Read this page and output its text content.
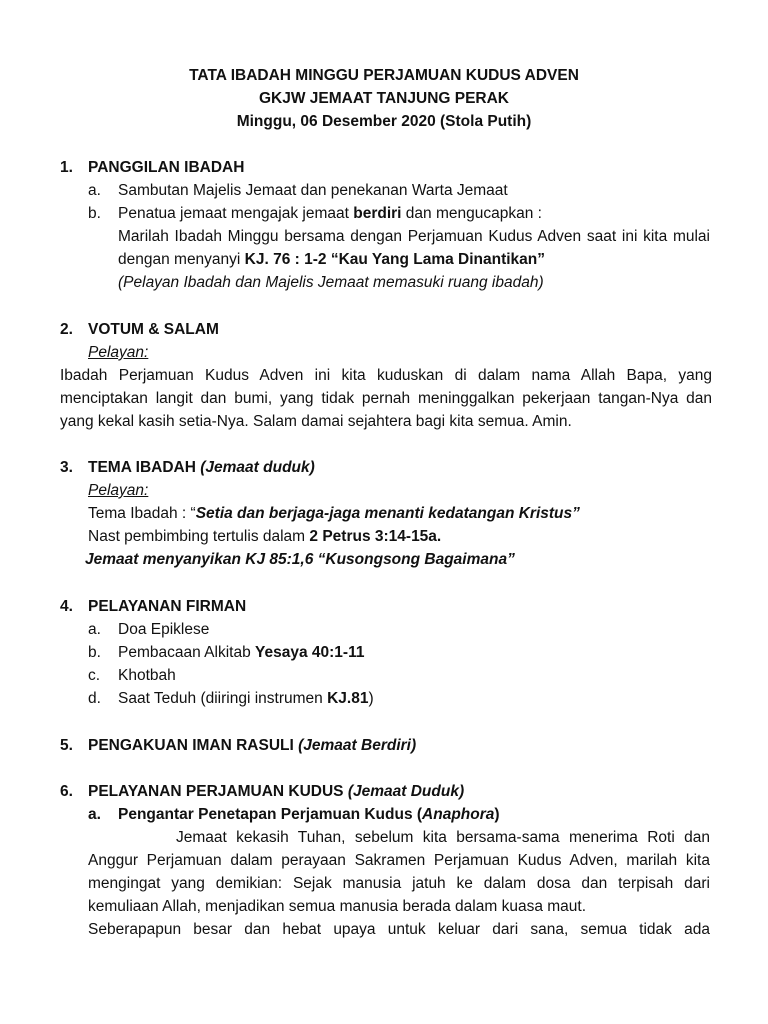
TATA IBADAH MINGGU PERJAMUAN KUDUS ADVEN
GKJW JEMAAT TANJUNG PERAK
Minggu, 06 Desember 2020 (Stola Putih)
1. PANGGILAN IBADAH
a. Sambutan Majelis Jemaat dan penekanan Warta Jemaat
b. Penatua jemaat mengajak jemaat berdiri dan mengucapkan :
Marilah Ibadah Minggu bersama dengan Perjamuan Kudus Adven saat ini kita mulai dengan menyanyi KJ. 76 : 1-2 “Kau Yang Lama Dinantikan”
(Pelayan Ibadah dan Majelis Jemaat memasuki ruang ibadah)
2. VOTUM & SALAM
Pelayan:
Ibadah Perjamuan Kudus Adven ini kita kuduskan di dalam nama Allah Bapa, yang menciptakan langit dan bumi, yang tidak pernah meninggalkan pekerjaan tangan-Nya dan yang kekal kasih setia-Nya. Salam damai sejahtera bagi kita semua. Amin.
3. TEMA IBADAH (Jemaat duduk)
Pelayan:
Tema Ibadah : “Setia dan berjaga-jaga menanti kedatangan Kristus”
Nast pembimbing tertulis dalam 2 Petrus 3:14-15a.
Jemaat menyanyikan KJ 85:1,6 “Kusongsong Bagaimana”
4. PELAYANAN FIRMAN
a. Doa Epiklese
b. Pembacaan Alkitab Yesaya 40:1-11
c. Khotbah
d. Saat Teduh (diiringi instrumen KJ.81)
5. PENGAKUAN IMAN RASULI (Jemaat Berdiri)
6. PELAYANAN PERJAMUAN KUDUS (Jemaat Duduk)
a. Pengantar Penetapan Perjamuan Kudus (Anaphora)
Jemaat kekasih Tuhan, sebelum kita bersama-sama menerima Roti dan Anggur Perjamuan dalam perayaan Sakramen Perjamuan Kudus Adven, marilah kita mengingat yang demikian: Sejak manusia jatuh ke dalam dosa dan terpisah dari kemuliaan Allah, menjadikan semua manusia berada dalam kuasa maut.
Seberapapun besar dan hebat upaya untuk keluar dari sana, semua tidak ada
